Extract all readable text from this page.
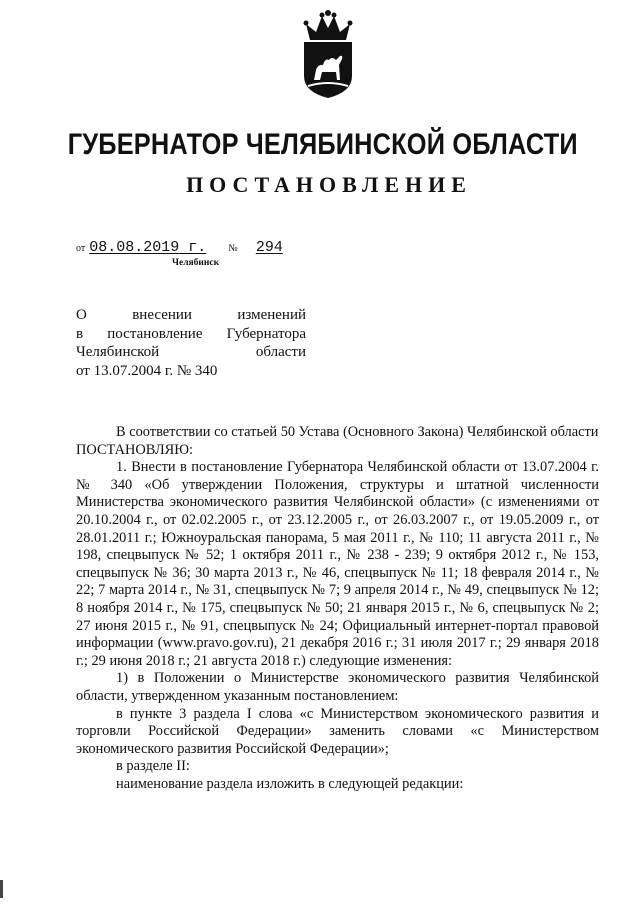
ГУБЕРНАТОР ЧЕЛЯБИНСКОЙ ОБЛАСТИ
ПОСТАНОВЛЕНИЕ
от 08.08.2019 г. № 294
Челябинск
О внесении изменений
в постановление Губернатора
Челябинской области
от 13.07.2004 г. № 340

В соответствии со статьей 50 Устава (Основного Закона) Челябинской области

ПОСТАНОВЛЯЮ:

1. Внести в постановление Губернатора Челябинской области от 13.07.2004 г. № 340 «Об утверждении Положения, структуры и штатной численности Министерства экономического развития Челябинской области» (с изменениями от 20.10.2004 г., от 02.02.2005 г., от 23.12.2005 г., от 26.03.2007 г., от 19.05.2009 г., от 28.01.2011 г.; Южноуральская панорама, 5 мая 2011 г., № 110; 11 августа 2011 г., № 198, спецвыпуск № 52; 1 октября 2011 г., № 238 - 239; 9 октября 2012 г., № 153, спецвыпуск № 36; 30 марта 2013 г., № 46, спецвыпуск № 11; 18 февраля 2014 г., № 22; 7 марта 2014 г., № 31, спецвыпуск № 7; 9 апреля 2014 г., № 49, спецвыпуск № 12; 8 ноября 2014 г., № 175, спецвыпуск № 50; 21 января 2015 г., № 6, спецвыпуск № 2; 27 июня 2015 г., № 91, спецвыпуск № 24; Официальный интернет-портал правовой информации (www.pravo.gov.ru), 21 декабря 2016 г.; 31 июля 2017 г.; 29 января 2018 г.; 29 июня 2018 г.; 21 августа 2018 г.) следующие изменения:

1) в Положении о Министерстве экономического развития Челябинской области, утвержденном указанным постановлением:

в пункте 3 раздела I слова «с Министерством экономического развития и торговли Российской Федерации» заменить словами «с Министерством экономического развития Российской Федерации»;

в разделе II:

наименование раздела изложить в следующей редакции:
